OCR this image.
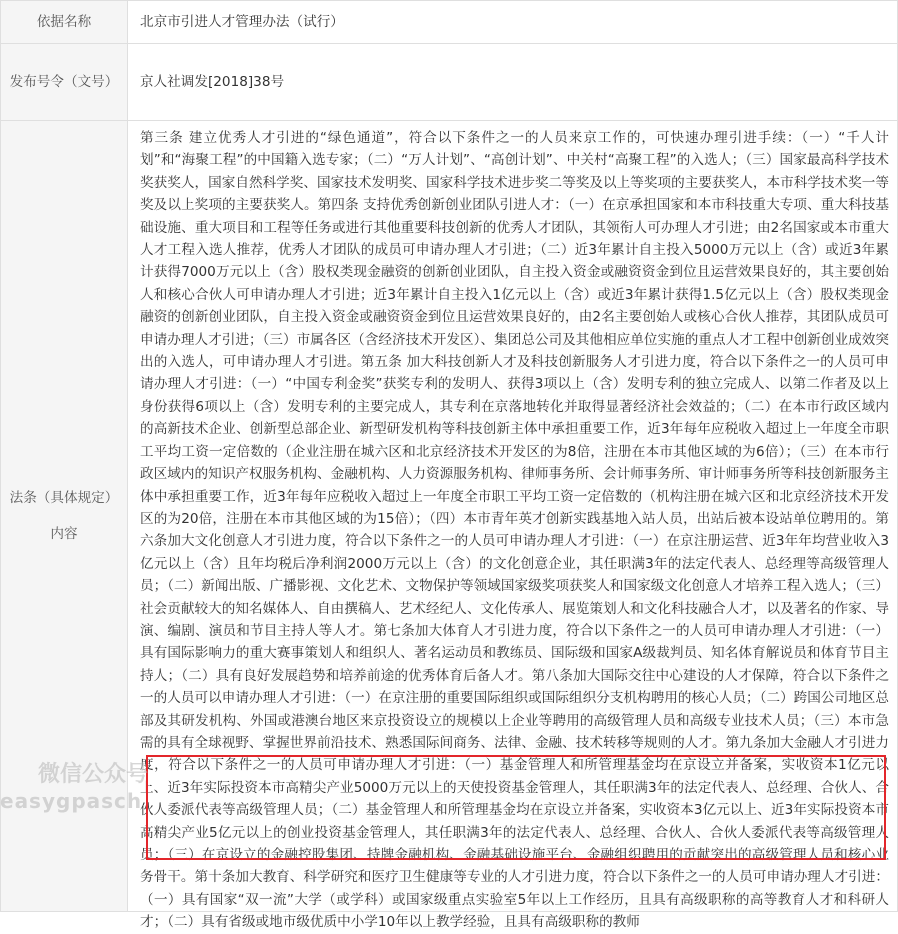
依据名称	北京市引进人才管理办法（试行）
发布号令（文号）	京人社调发[2018]38号
法条（具体规定）内容	第三条 建立优秀人才引进的“绿色通道”，符合以下条件之一的人员来京工作的，可快速办理引进手续：（一）“千人计划”和“海聚工程”的中国籍入选专家；（二）“万人计划”、“高创计划”、中关村“高聚工程”的入选人；（三）国家最高科学技术奖获奖人，国家自然科学奖、国家技术发明奖、国家科学技术进步奖二等奖及以上等奖项的主要获奖人，本市科学技术奖一等奖及以上奖项的主要获奖人。第四条 支持优秀创新创业团队引进人才：（一）在京承担国家和本市科技重大专项、重大科技基础设施、重大项目和工程等任务或进行其他重要科技创新的优秀人才团队，其领衔人可办理人才引进；由2名国家或本市重大人才工程入选人推荐，优秀人才团队的成员可申请办理人才引进；（二）近3年累计自主投入5000万元以上（含）或近3年累计获得7000万元以上（含）股权类现金融资的创新创业团队，自主投入资金或融资资金到位且运营效果良好的，其主要创始人和核心合伙人可申请办理人才引进；近3年累计自主投入1亿元以上（含）或近3年累计获得1.5亿元以上（含）股权类现金融资的创新创业团队，自主投入资金或融资资金到位且运营效果良好的，由2名主要创始人或核心合伙人推荐，其团队成员可申请办理人才引进；（三）市属各区（含经济技术开发区）、集团总公司及其他相应单位实施的重点人才工程中创新创业成效突出的入选人，可申请办理人才引进。第五条 加大科技创新人才及科技创新服务人才引进力度，符合以下条件之一的人员可申请办理人才引进：（一）“中国专利金奖”获奖专利的发明人、获得3项以上（含）发明专利的独立完成人、以第二作者及以上身份获得6项以上（含）发明专利的主要完成人，其专利在京落地转化并取得显著经济社会效益的；（二）在本市行政区域内的高新技术企业、创新型总部企业、新型研发机构等科技创新主体中承担重要工作，近3年每年应税收入超过上一年度全市职工平均工资一定倍数的（企业注册在城六区和北京经济技术开发区的为8倍，注册在本市其他区域的为6倍）；（三）在本市行政区域内的知识产权服务机构、金融机构、人力资源服务机构、律师事务所、会计师事务所、审计师事务所等科技创新服务主体中承担重要工作，近3年每年应税收入超过上一年度全市职工平均工资一定倍数的（机构注册在城六区和北京经济技术开发区的为20倍，注册在本市其他区域的为15倍）；（四）本市青年英才创新实践基地入站人员，出站后被本设站单位聘用的。第六条加大文化创意人才引进力度，符合以下条件之一的人员可申请办理人才引进：（一）在京注册运营、近3年年均营业收入3亿元以上（含）且年均税后净利润2000万元以上（含）的文化创意企业，其任职满3年的法定代表人、总经理等高级管理人员；（二）新闻出版、广播影视、文化艺术、文物保护等领域国家级奖项获奖人和国家级文化创意人才培养工程入选人；（三）社会贡献较大的知名媒体人、自由撰稿人、艺术经纪人、文化传承人、展览策划人和文化科技融合人才，以及著名的作家、导演、编剧、演员和节目主持人等人才。第七条加大体育人才引进力度，符合以下条件之一的人员可申请办理人才引进：（一）具有国际影响力的重大赛事策划人和组织人、著名运动员和教练员、国际级和国家A级裁判员、知名体育解说员和体育节目主持人；（二）具有良好发展趋势和培养前途的优秀体育后备人才。第八条加大国际交往中心建设的人才保障，符合以下条件之一的人员可以申请办理人才引进：（一）在京注册的重要国际组织或国际组织分支机构聘用的核心人员；（二）跨国公司地区总部及其研发机构、外国或港澳台地区来京投资设立的规模以上企业等聘用的高级管理人员和高级专业技术人员；（三）本市急需的具有全球视野、掌握世界前沿技术、熟悉国际间商务、法律、金融、技术转移等规则的人才。第九条加大金融人才引进力度，符合以下条件之一的人员可申请办理人才引进：（一）基金管理人和所管理基金均在京设立并备案，实收资本1亿元以上、近3年实际投资本市高精尖产业5000万元以上的天使投资基金管理人，其任职满3年的法定代表人、总经理、合伙人、合伙人委派代表等高级管理人员；（二）基金管理人和所管理基金均在京设立并备案，实收资本3亿元以上、近3年实际投资本市高精尖产业5亿元以上的创业投资基金管理人，其任职满3年的法定代表人、总经理、合伙人、合伙人委派代表等高级管理人员；（三）在京设立的金融控股集团、持牌金融机构、金融基础设施平台、金融组织聘用的贡献突出的高级管理人员和核心业务骨干。第十条加大教育、科学研究和医疗卫生健康等专业的人才引进力度，符合以下条件之一的人员可申请办理人才引进：（一）具有国家“双一流”大学（或学科）或国家级重点实验室5年以上工作经历，且具有高级职称的高等教育人才和科研人才；（二）具有省级或地市级优质中小学10年以上教学经验，且具有高级职称的教师

微信公众号
easygpasch
